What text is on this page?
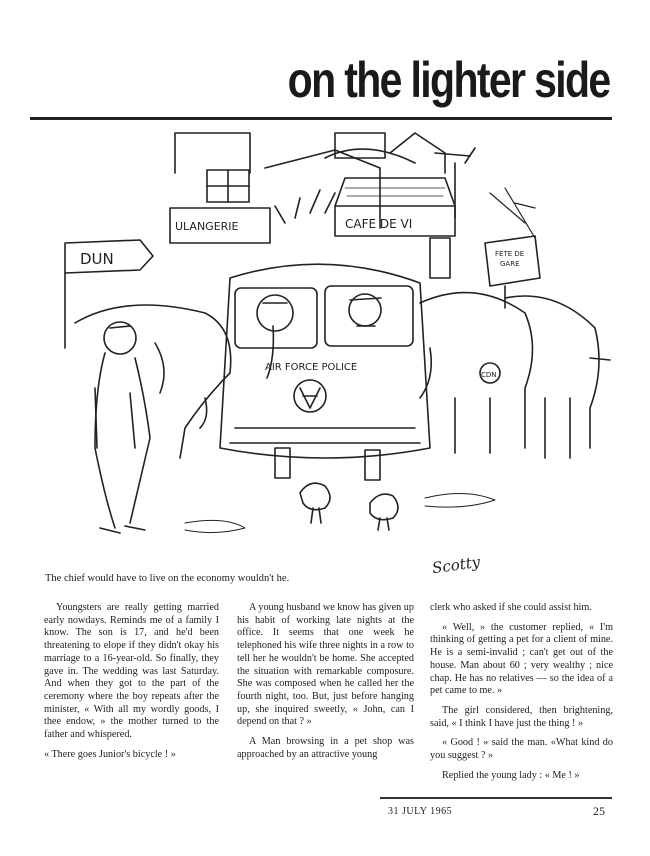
on the lighter side
ULANGERIE	CAFE DE VI
DUN	FETE DE
GARE
AIR FORCE POLICE
CDN
Scotty
The chief would have to live on the economy wouldn't he.

Youngsters are really getting married early nowdays. Reminds me of a family I know. The son is 17, and he'd been threatening to elope if they didn't okay his marriage to a 16-year-old. So finally, they gave in. The wedding was last Saturday. And when they got to the part of the ceremony where the boy repeats after the minister, « With all my wordly goods, I thee endow, » the mother turned to the father and whispered.

« There goes Junior's bicycle ! »

A young husband we know has given up his habit of working late nights at the office. It seems that one week he telephoned his wife three nights in a row to tell her he wouldn't be home. She accepted the situation with remarkable composure. She was composed when he called her the fourth night, too. But, just before hanging up, she inquired sweetly, « John, can I depend on that ? »

A Man browsing in a pet shop was approached by an attractive young

clerk who asked if she could assist him.

« Well, » the customer replied, « I'm thinking of getting a pet for a client of mine. He is a semi-invalid ; can't get out of the house. Man about 60 ; very wealthy ; nice chap. He has no relatives — so the idea of a pet came to me. »

The girl considered, then brightening, said, « I think I have just the thing ! »

« Good ! » said the man. «What kind do you suggest ? »

Replied the young lady : « Me ! »

31 JULY 1965	25
